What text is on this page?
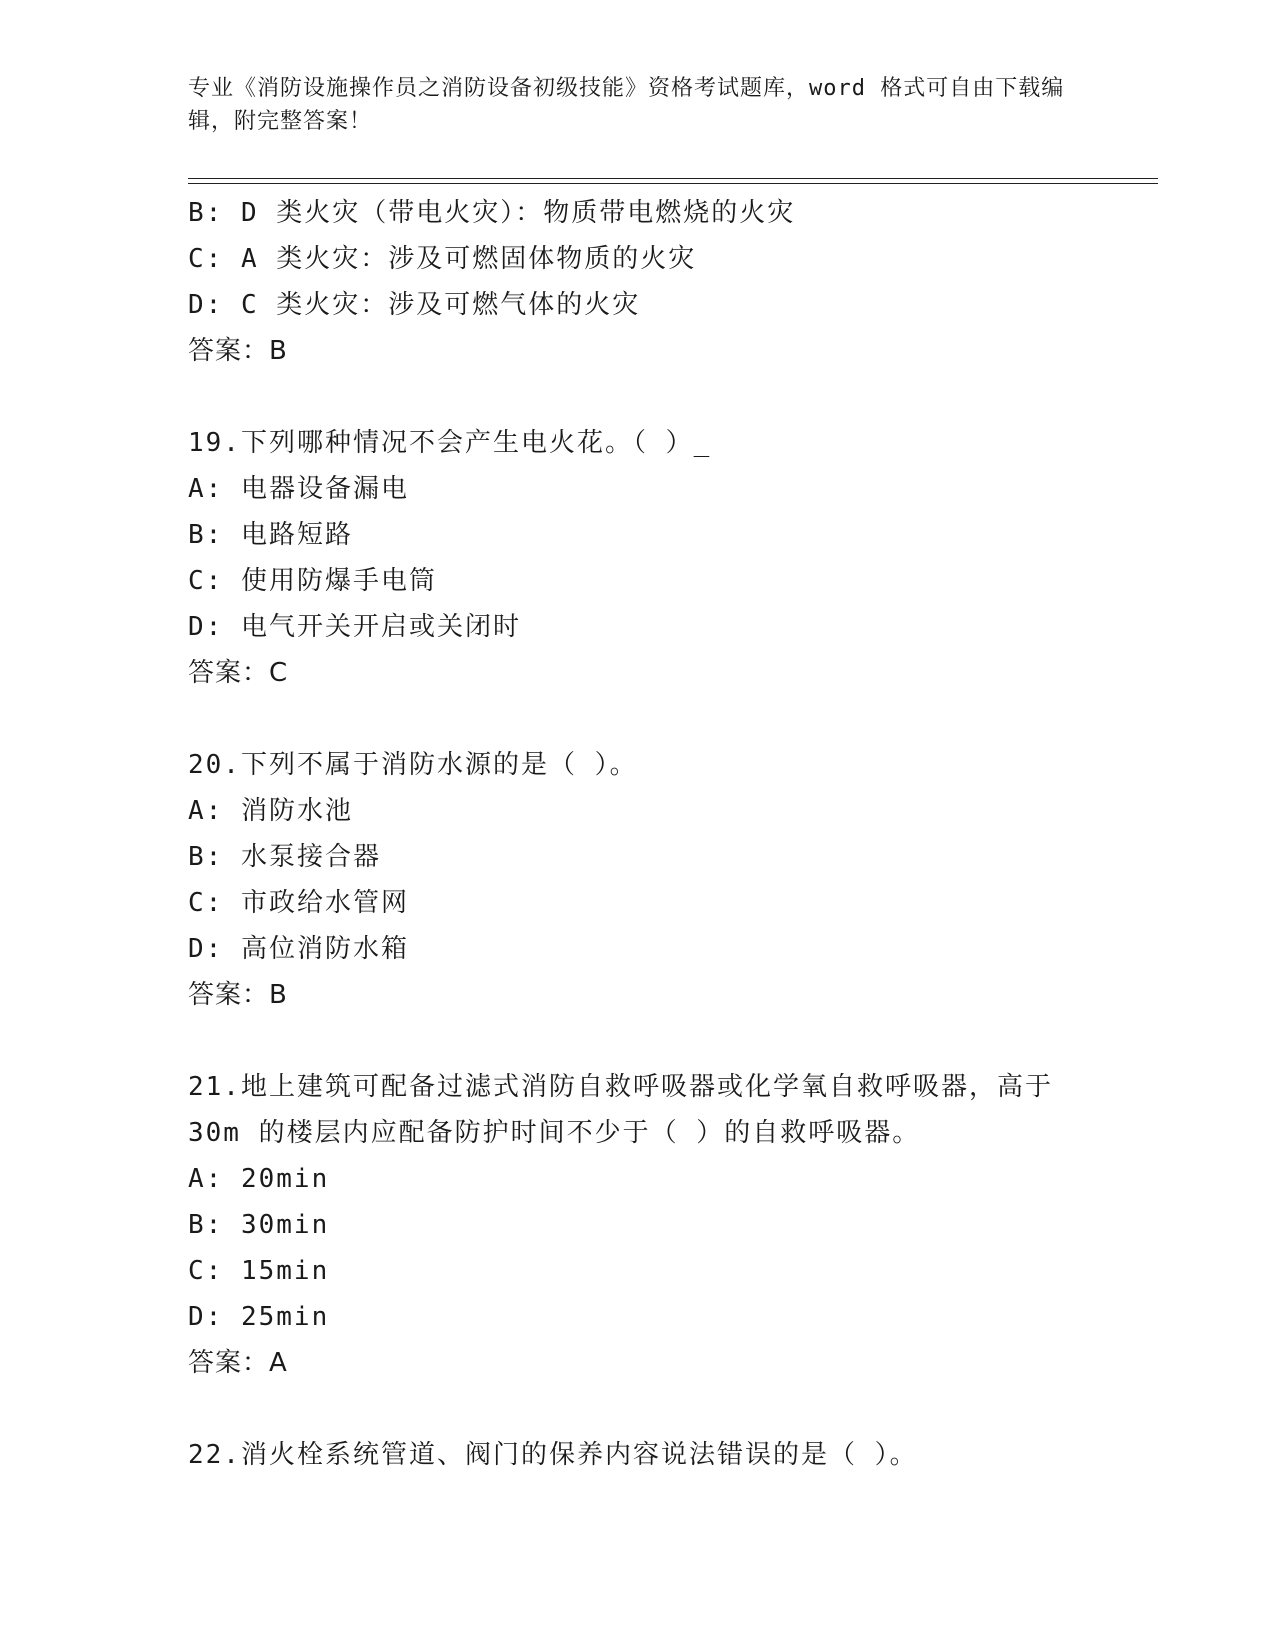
专业《消防设施操作员之消防设备初级技能》资格考试题库，word 格式可自由下载编辑，附完整答案！
B: D 类火灾（带电火灾）：物质带电燃烧的火灾
C: A 类火灾：涉及可燃固体物质的火灾
D: C 类火灾：涉及可燃气体的火灾
答案：B
19.下列哪种情况不会产生电火花。（ ）_
A: 电器设备漏电
B: 电路短路
C: 使用防爆手电筒
D: 电气开关开启或关闭时
答案：C
20.下列不属于消防水源的是（ ）。
A: 消防水池
B: 水泵接合器
C: 市政给水管网
D: 高位消防水箱
答案：B
21.地上建筑可配备过滤式消防自救呼吸器或化学氧自救呼吸器，高于
30m 的楼层内应配备防护时间不少于（ ）的自救呼吸器。
A: 20min
B: 30min
C: 15min
D: 25min
答案：A
22.消火栓系统管道、阀门的保养内容说法错误的是（ ）。
